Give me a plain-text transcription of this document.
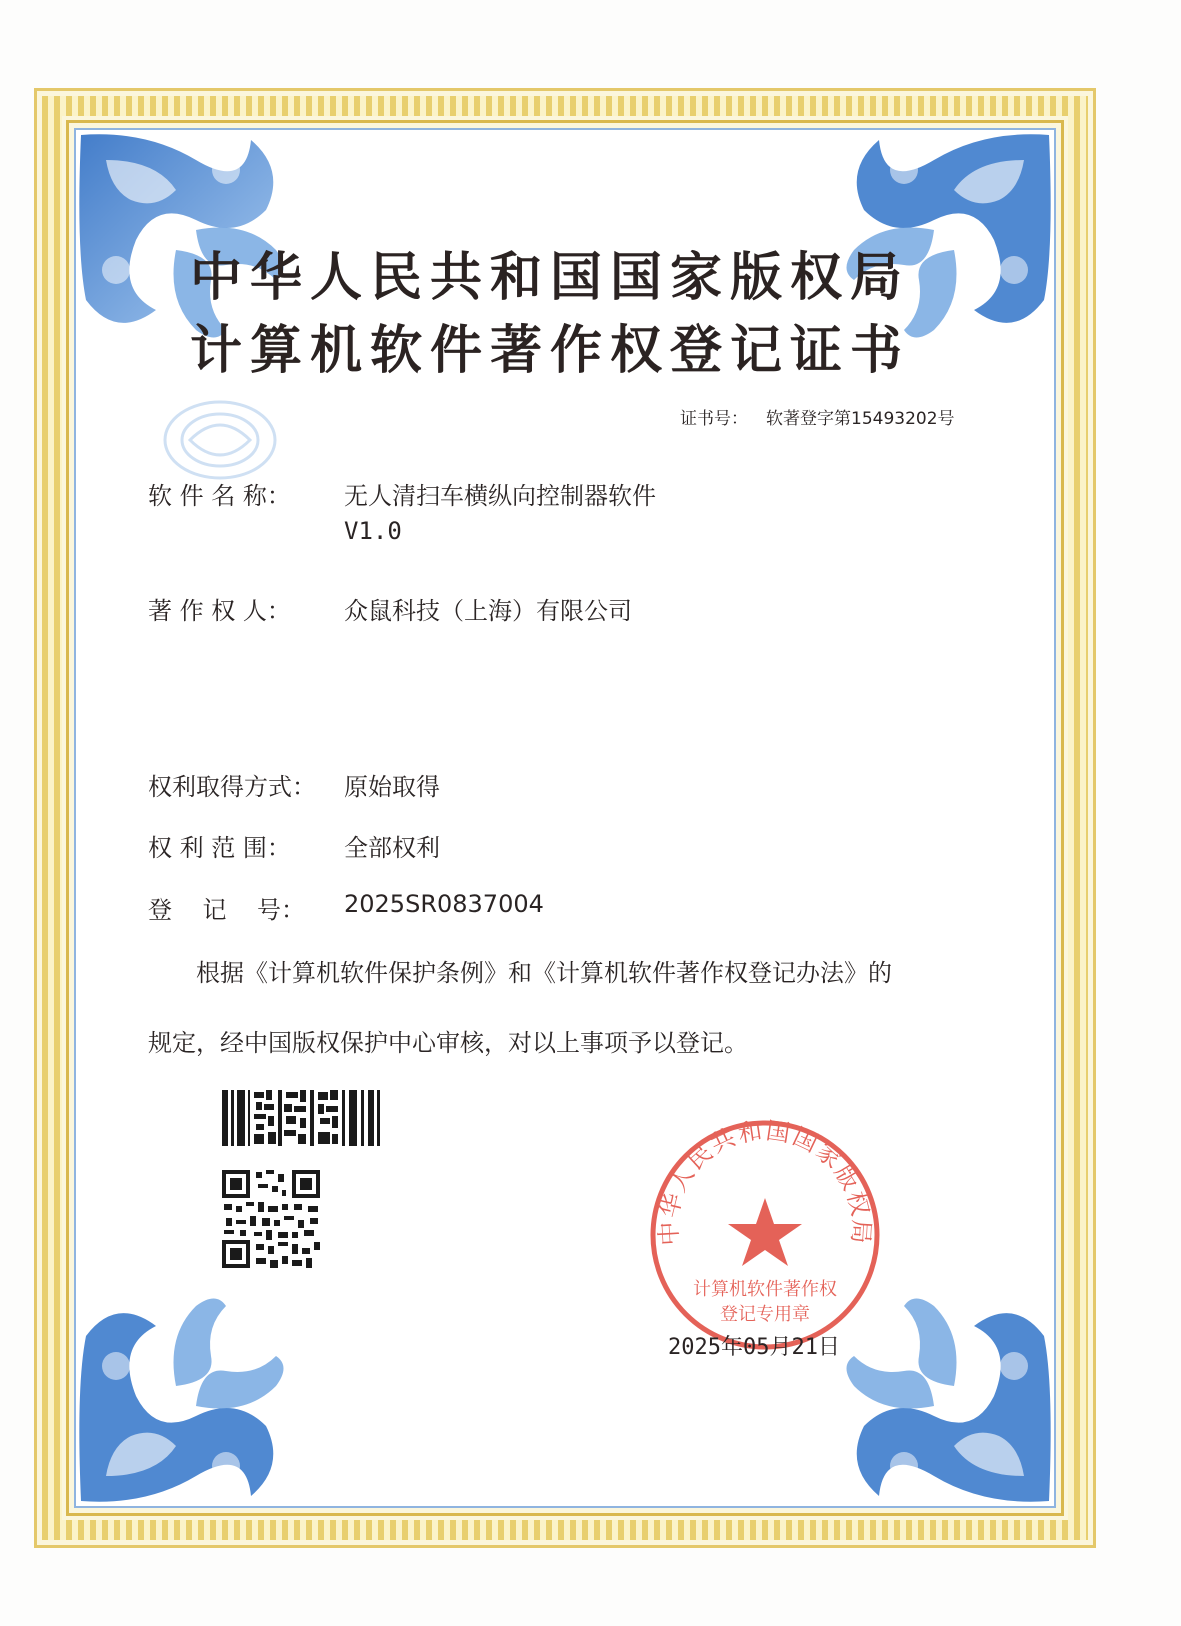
中华人民共和国国家版权局
计算机软件著作权登记证书
证书号： 软著登字第15493202号
软 件 名 称： 无人清扫车横纵向控制器软件
V1.0
著 作 权 人： 众鼠科技（上海）有限公司
权利取得方式： 原始取得
权 利 范 围： 全部权利
登    记    号： 2025SR0837004
根据《计算机软件保护条例》和《计算机软件著作权登记办法》的
规定，经中国版权保护中心审核，对以上事项予以登记。
中华人民共和国国家版权局
计算机软件著作权
登记专用章
2025年05月21日
